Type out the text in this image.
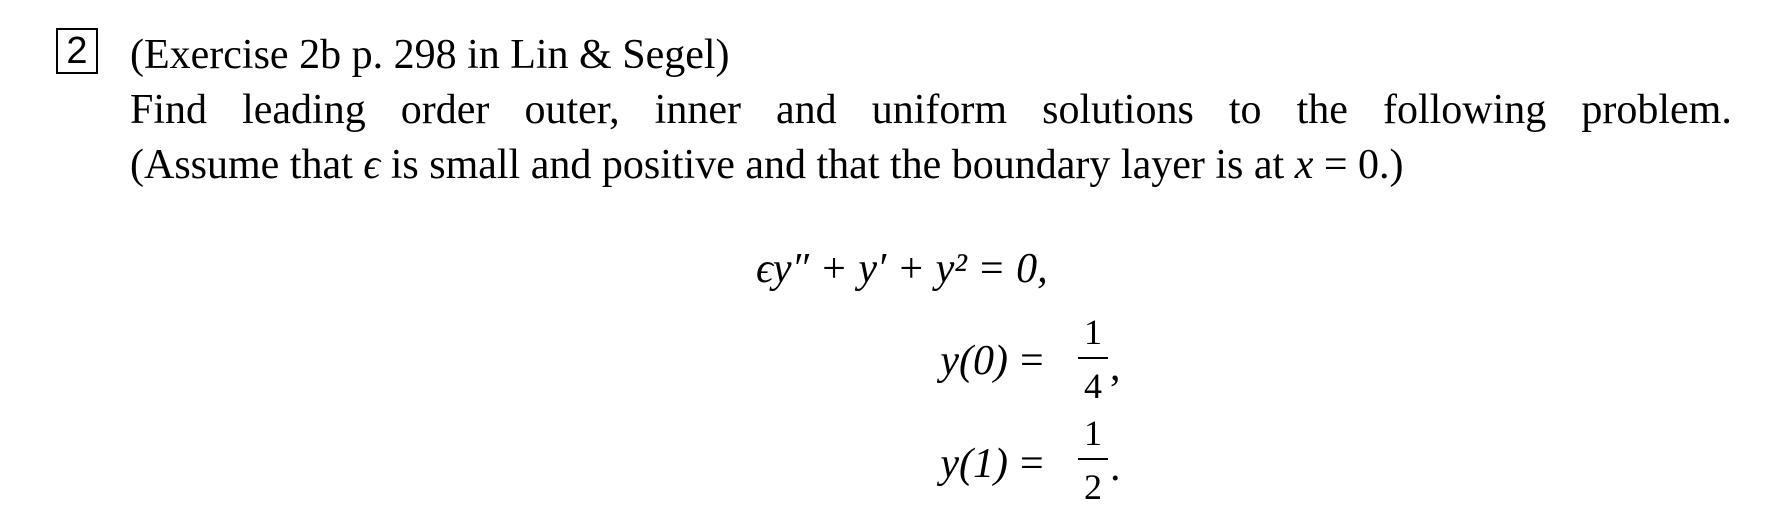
2 (Exercise 2b p. 298 in Lin & Segel)
Find leading order outer, inner and uniform solutions to the following problem.
(Assume that ϵ is small and positive and that the boundary layer is at x = 0.)
ϵy″ + y′ + y² = 0,
y(0) =
1
4 ,
y(1) =
1
2 .
